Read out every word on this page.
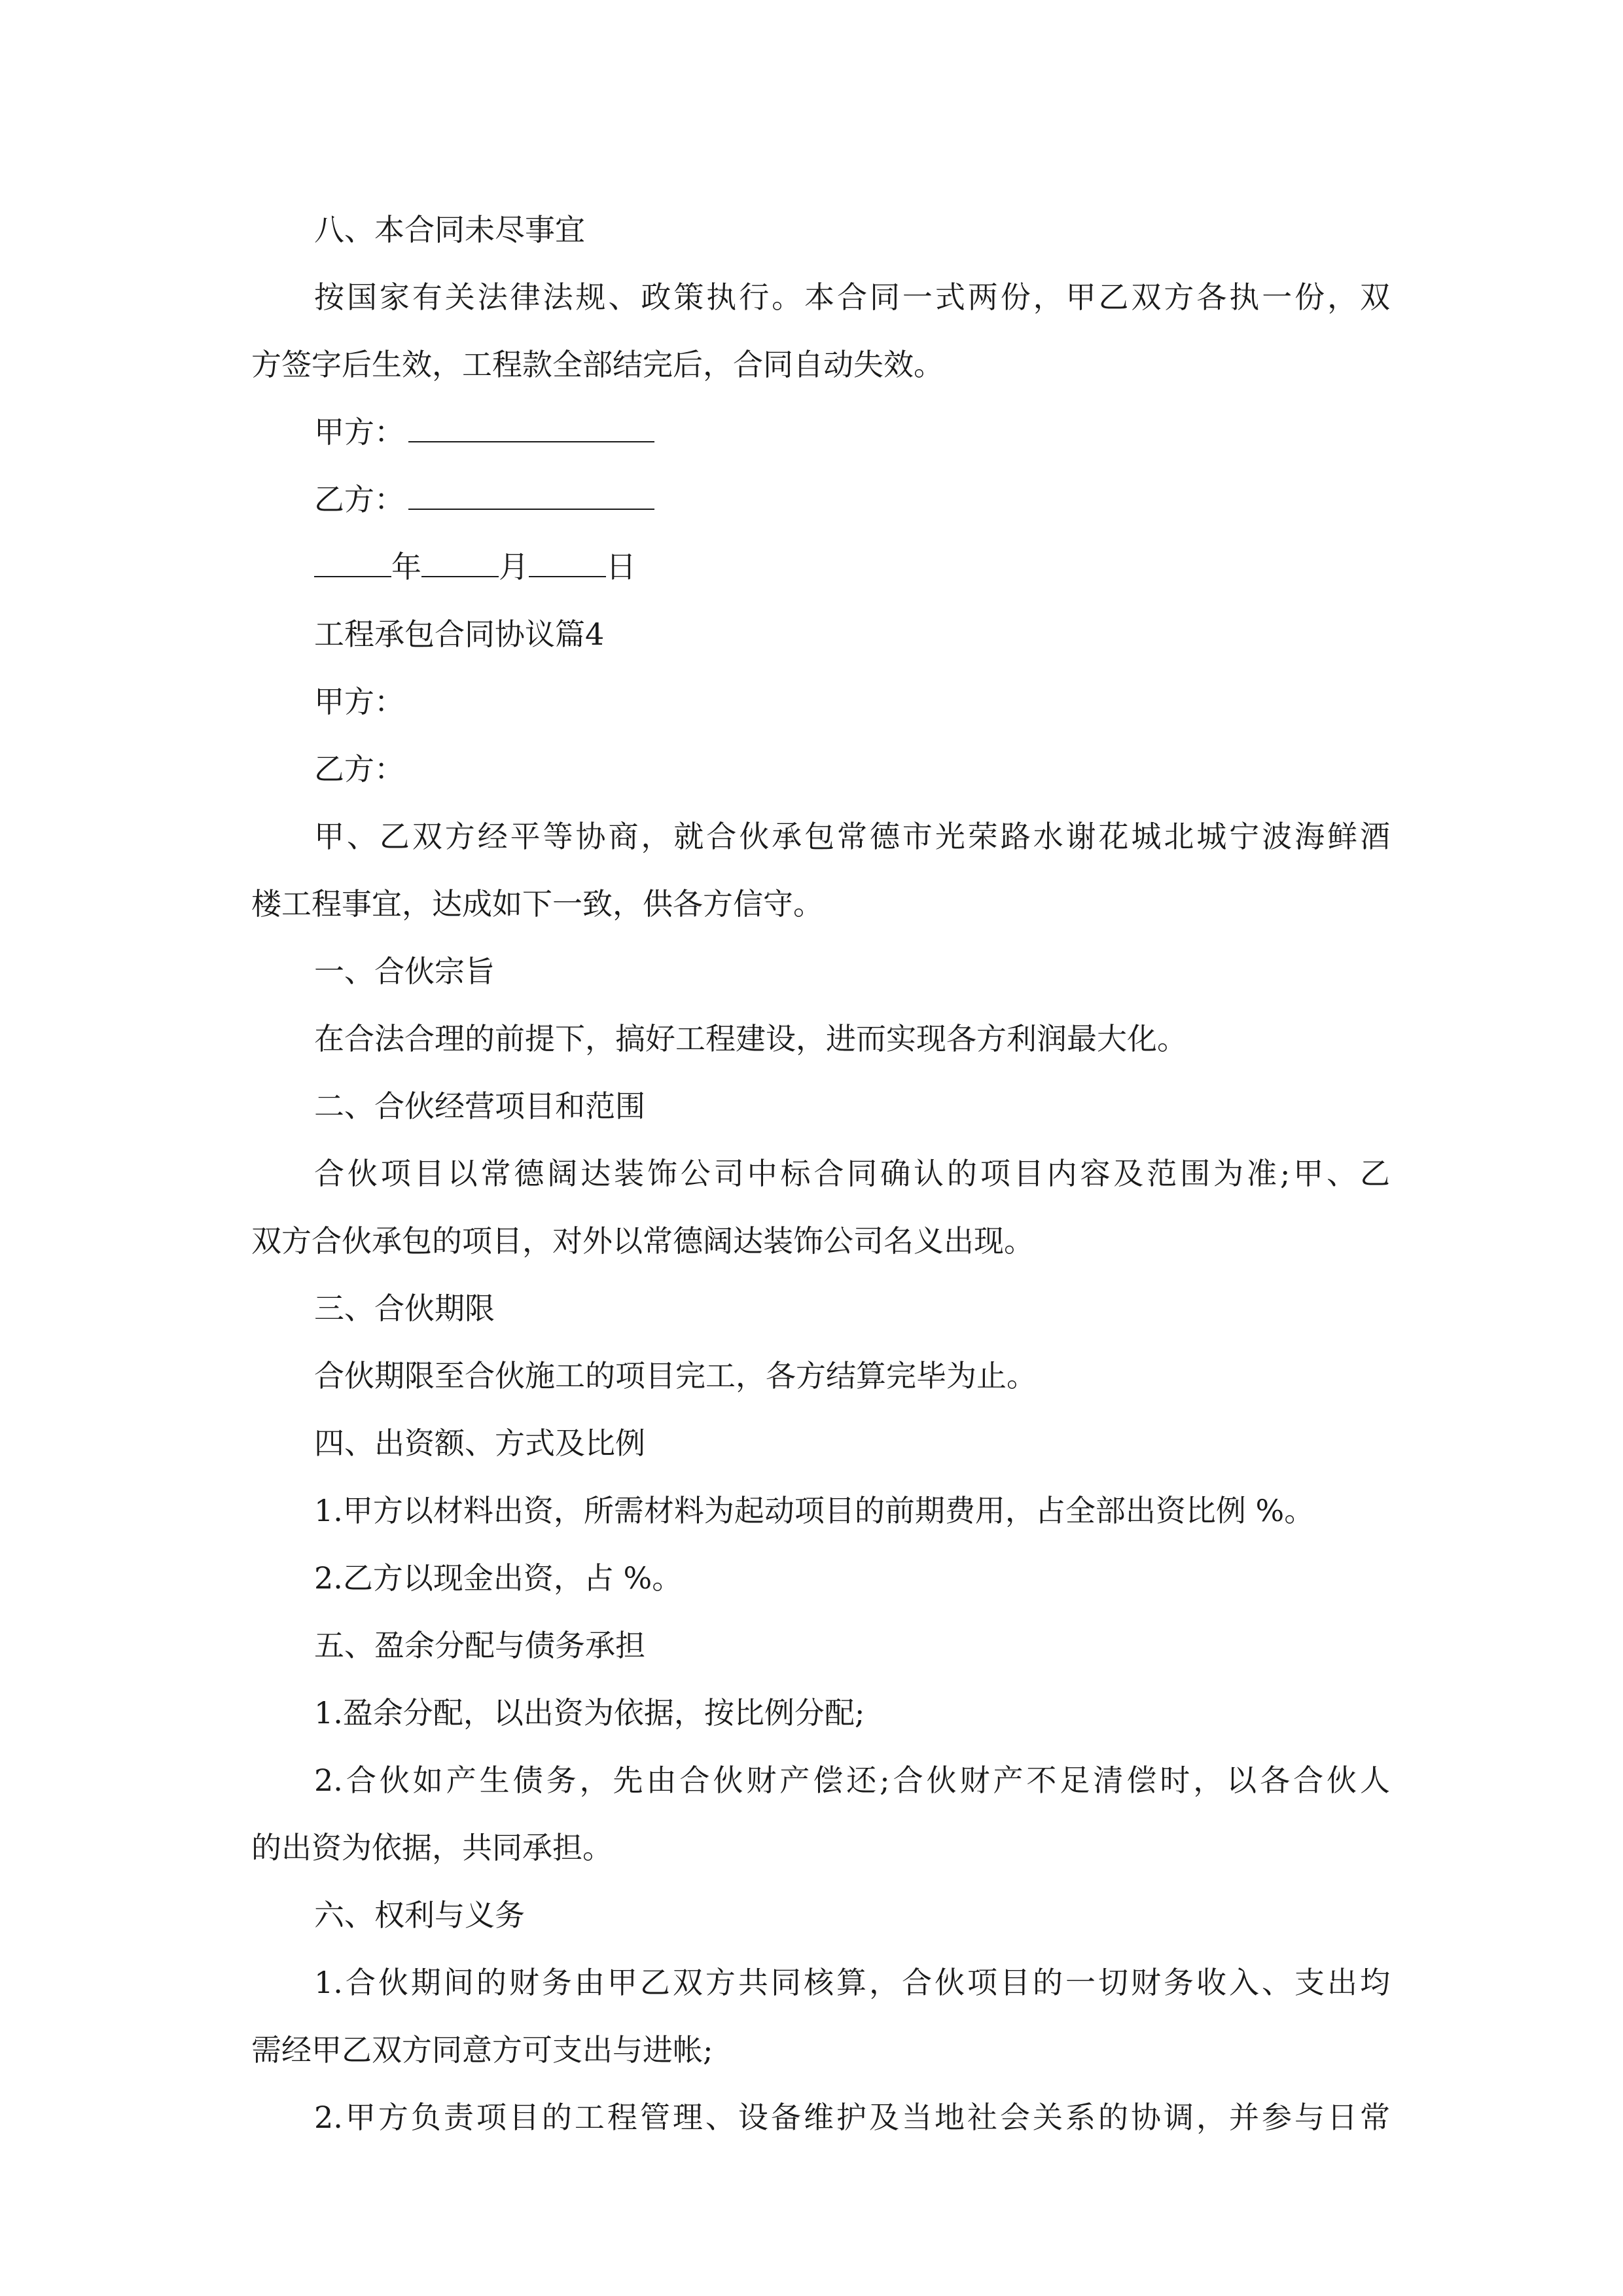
八、本合同未尽事宜
按国家有关法律法规、政策执行。本合同一式两份，甲乙双方各执一份，双
方签字后生效，工程款全部结完后，合同自动失效。
甲方：
乙方：
年	月	日
工程承包合同协议篇4
甲方：
乙方：
甲、乙双方经平等协商，就合伙承包常德市光荣路水谢花城北城宁波海鲜酒
楼工程事宜，达成如下一致，供各方信守。
一、合伙宗旨
在合法合理的前提下，搞好工程建设，进而实现各方利润最大化。
二、合伙经营项目和范围
合伙项目以常德阔达装饰公司中标合同确认的项目内容及范围为准;甲、乙
双方合伙承包的项目，对外以常德阔达装饰公司名义出现。
三、合伙期限
合伙期限至合伙施工的项目完工，各方结算完毕为止。
四、出资额、方式及比例
1.甲方以材料出资，所需材料为起动项目的前期费用，占全部出资比例 %。
2.乙方以现金出资，占 %。
五、盈余分配与债务承担
1.盈余分配，以出资为依据，按比例分配;
2.合伙如产生债务，先由合伙财产偿还;合伙财产不足清偿时，以各合伙人
的出资为依据，共同承担。
六、权利与义务
1.合伙期间的财务由甲乙双方共同核算，合伙项目的一切财务收入、支出均
需经甲乙双方同意方可支出与进帐;
2.甲方负责项目的工程管理、设备维护及当地社会关系的协调，并参与日常
